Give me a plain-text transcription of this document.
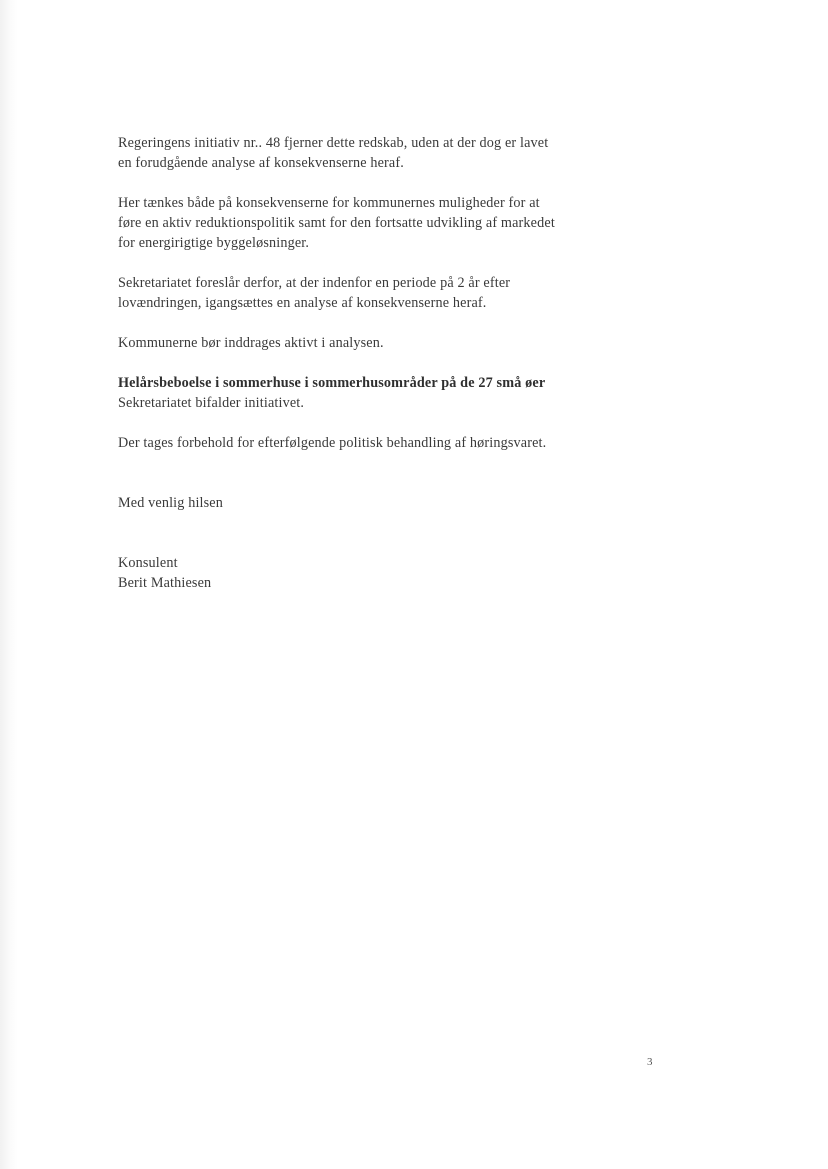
Regeringens initiativ nr.. 48 fjerner dette redskab, uden at der dog er lavet
en forudgående analyse af konsekvenserne heraf.

Her tænkes både på konsekvenserne for kommunernes muligheder for at
føre en aktiv reduktionspolitik samt for den fortsatte udvikling af markedet
for energirigtige byggeløsninger.

Sekretariatet foreslår derfor, at der indenfor en periode på 2 år efter
lovændringen, igangsættes en analyse af konsekvenserne heraf.

Kommunerne bør inddrages aktivt i analysen.

Helårsbeboelse i sommerhuse i sommerhusområder på de 27 små øer

Sekretariatet bifalder initiativet.

Der tages forbehold for efterfølgende politisk behandling af høringsvaret.

Med venlig hilsen

Konsulent

Berit Mathiesen

3
